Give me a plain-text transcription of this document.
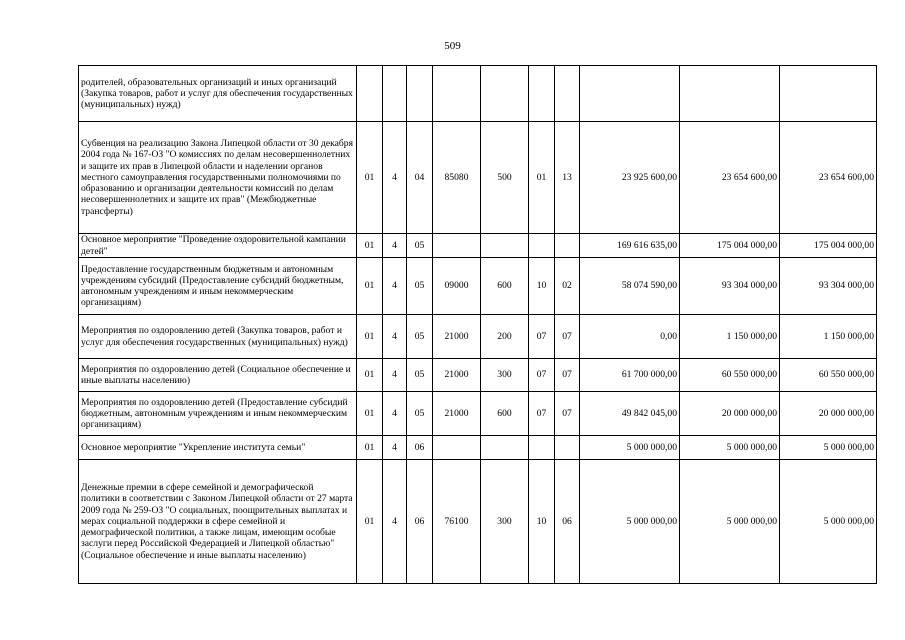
509
родителей, образовательных организаций и иных организаций (Закупка товаров, работ и услуг для обеспечения государственных (муниципальных) нужд)										
Субвенция на реализацию Закона Липецкой области от 30 декабря 2004 года № 167-ОЗ "О комиссиях по делам несовершеннолетних и защите их прав в Липецкой области и наделении органов местного самоуправления государственными полномочиями по образованию и организации деятельности комиссий по делам несовершеннолетних и защите их прав" (Межбюджетные трансферты)	01	4	04	85080	500	01	13	23 925 600,00	23 654 600,00	23 654 600,00
Основное мероприятие "Проведение оздоровительной кампании детей"	01	4	05					169 616 635,00	175 004 000,00	175 004 000,00
Предоставление государственным бюджетным и автономным учреждениям субсидий (Предоставление субсидий бюджетным, автономным учреждениям и иным некоммерческим организациям)	01	4	05	09000	600	10	02	58 074 590,00	93 304 000,00	93 304 000,00
Мероприятия по оздоровлению детей (Закупка товаров, работ и услуг для обеспечения государственных (муниципальных) нужд)	01	4	05	21000	200	07	07	0,00	1 150 000,00	1 150 000,00
Мероприятия по оздоровлению детей (Социальное обеспечение и иные выплаты населению)	01	4	05	21000	300	07	07	61 700 000,00	60 550 000,00	60 550 000,00
Мероприятия по оздоровлению детей (Предоставление субсидий бюджетным, автономным учреждениям и иным некоммерческим организациям)	01	4	05	21000	600	07	07	49 842 045,00	20 000 000,00	20 000 000,00
Основное мероприятие "Укрепление института семьи"	01	4	06					5 000 000,00	5 000 000,00	5 000 000,00
Денежные премии в сфере семейной и демографической политики в соответствии с Законом Липецкой области от 27 марта 2009 года № 259-ОЗ "О социальных, поощрительных выплатах и мерах социальной поддержки в сфере семейной и демографической политики, а также лицам, имеющим особые заслуги перед Российской Федерацией и Липецкой областью" (Социальное обеспечение и иные выплаты населению)	01	4	06	76100	300	10	06	5 000 000,00	5 000 000,00	5 000 000,00
